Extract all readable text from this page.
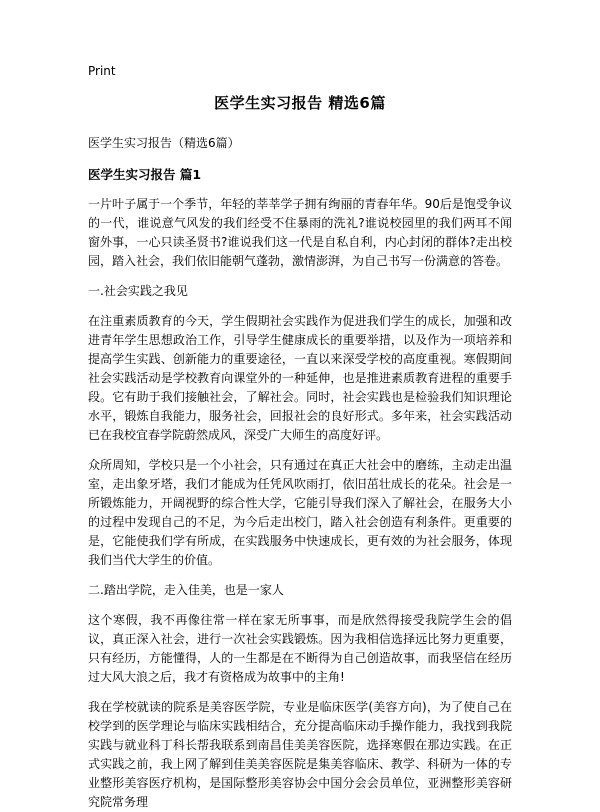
Print
医学生实习报告 精选6篇
医学生实习报告（精选6篇）
医学生实习报告 篇1

一片叶子属于一个季节，年轻的莘莘学子拥有绚丽的青春年华。90后是饱受争议的一代，谁说意气风发的我们经受不住暴雨的洗礼?谁说校园里的我们两耳不闻窗外事，一心只读圣贤书?谁说我们这一代是自私自利，内心封闭的群体?走出校园，踏入社会，我们依旧能朝气蓬勃，激情澎湃，为自己书写一份满意的答卷。

一.社会实践之我见

在注重素质教育的今天，学生假期社会实践作为促进我们学生的成长，加强和改进青年学生思想政治工作，引导学生健康成长的重要举措，以及作为一项培养和提高学生实践、创新能力的重要途径，一直以来深受学校的高度重视。寒假期间社会实践活动是学校教育向课堂外的一种延伸，也是推进素质教育进程的重要手段。它有助于我们接触社会，了解社会。同时，社会实践也是检验我们知识理论水平，锻炼自我能力，服务社会，回报社会的良好形式。多年来，社会实践活动已在我校宜春学院蔚然成风，深受广大师生的高度好评。

众所周知，学校只是一个小社会，只有通过在真正大社会中的磨练，主动走出温室，走出象牙塔，我们才能成为任凭风吹雨打，依旧茁壮成长的花朵。社会是一所锻炼能力，开阔视野的综合性大学，它能引导我们深入了解社会，在服务大小的过程中发现自己的不足，为今后走出校门，踏入社会创造有利条件。更重要的是，它能使我们学有所成，在实践服务中快速成长，更有效的为社会服务，体现我们当代大学生的价值。

二.踏出学院，走入佳美，也是一家人

这个寒假，我不再像往常一样在家无所事事，而是欣然得接受我院学生会的倡议，真正深入社会，进行一次社会实践锻炼。因为我相信选择远比努力更重要，只有经历，方能懂得，人的一生都是在不断得为自己创造故事，而我坚信在经历过大风大浪之后，我才有资格成为故事中的主角!

我在学校就读的院系是美容医学院，专业是临床医学(美容方向)，为了使自己在校学到的医学理论与临床实践相结合，充分提高临床动手操作能力，我找到我院实践与就业科丁科长帮我联系到南昌佳美美容医院，选择寒假在那边实践。在正式实践之前，我上网了解到佳美美容医院是集美容临床、教学、科研为一体的专业整形美容医疗机构，是国际整形美容协会中国分会会员单位，亚洲整形美容研究院常务理
